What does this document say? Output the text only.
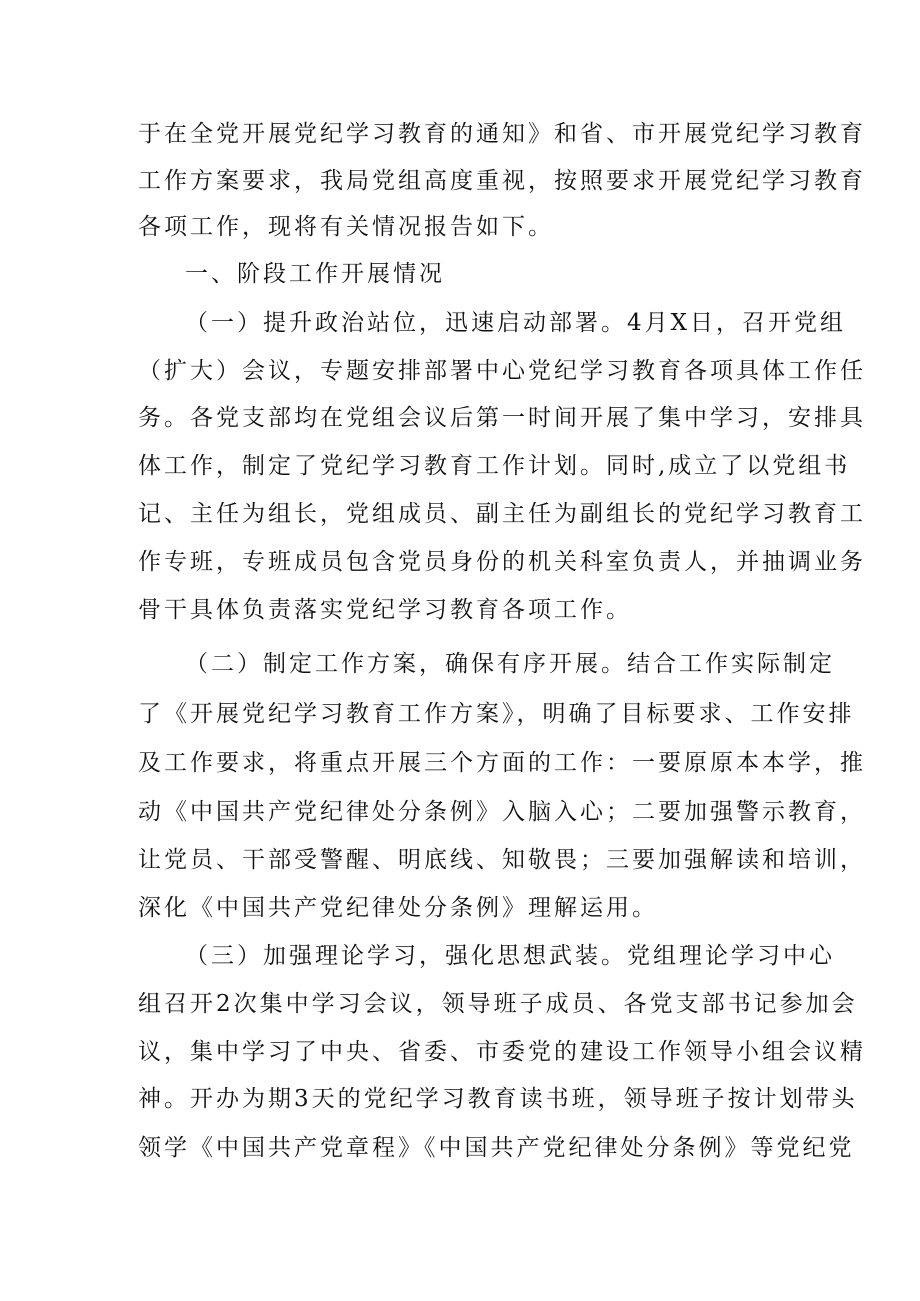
于在全党开展党纪学习教育的通知》和省、市开展党纪学习教育
工作方案要求，我局党组高度重视，按照要求开展党纪学习教育
各项工作，现将有关情况报告如下。
一、阶段工作开展情况
（一）提升政治站位，迅速启动部署。4月X日，召开党组
（扩大）会议，专题安排部署中心党纪学习教育各项具体工作任
务。各党支部均在党组会议后第一时间开展了集中学习，安排具
体工作，制定了党纪学习教育工作计划。同时,成立了以党组书
记、主任为组长，党组成员、副主任为副组长的党纪学习教育工
作专班，专班成员包含党员身份的机关科室负责人，并抽调业务
骨干具体负责落实党纪学习教育各项工作。
（二）制定工作方案，确保有序开展。结合工作实际制定
了《开展党纪学习教育工作方案》，明确了目标要求、工作安排
及工作要求，将重点开展三个方面的工作：一要原原本本学，推
动《中国共产党纪律处分条例》入脑入心；二要加强警示教育，
让党员、干部受警醒、明底线、知敬畏；三要加强解读和培训，
深化《中国共产党纪律处分条例》理解运用。
（三）加强理论学习，强化思想武装。党组理论学习中心
组召开2次集中学习会议，领导班子成员、各党支部书记参加会
议，集中学习了中央、省委、市委党的建设工作领导小组会议精
神。开办为期3天的党纪学习教育读书班，领导班子按计划带头
领学《中国共产党章程》《中国共产党纪律处分条例》等党纪党
